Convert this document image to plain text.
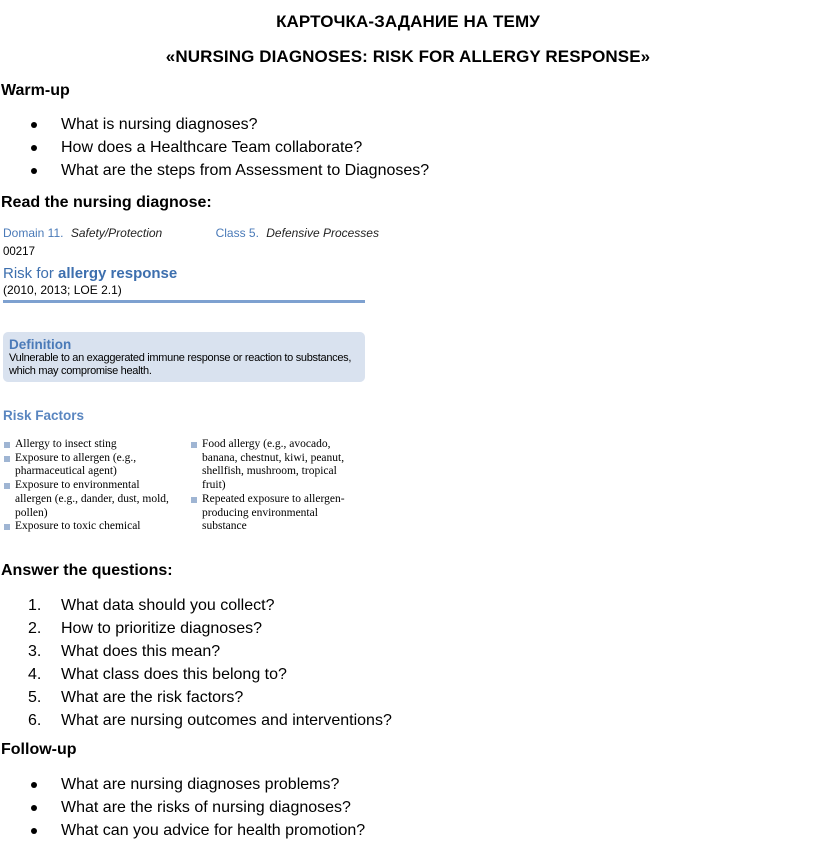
КАРТОЧКА-ЗАДАНИЕ НА ТЕМУ
«NURSING DIAGNOSES: RISK FOR ALLERGY RESPONSE»
Warm-up
What is nursing diagnoses?
How does a Healthcare Team collaborate?
What are the steps from Assessment to Diagnoses?
Read the nursing diagnose:
Domain 11. Safety/Protection	Class 5. Defensive Processes
00217
Risk for allergy response
(2010, 2013; LOE 2.1)
Definition
Vulnerable to an exaggerated immune response or reaction to substances, which may compromise health.
Risk Factors
Allergy to insect sting
Exposure to allergen (e.g., pharmaceutical agent)
Exposure to environmental allergen (e.g., dander, dust, mold, pollen)
Exposure to toxic chemical
Food allergy (e.g., avocado, banana, chestnut, kiwi, peanut, shellfish, mushroom, tropical fruit)
Repeated exposure to allergen-producing environmental substance
Answer the questions:
1.	What data should you collect?
2.	How to prioritize diagnoses?
3.	What does this mean?
4.	What class does this belong to?
5.	What are the risk factors?
6.	What are nursing outcomes and interventions?
Follow-up
What are nursing diagnoses problems?
What are the risks of nursing diagnoses?
What can you advice for health promotion?
